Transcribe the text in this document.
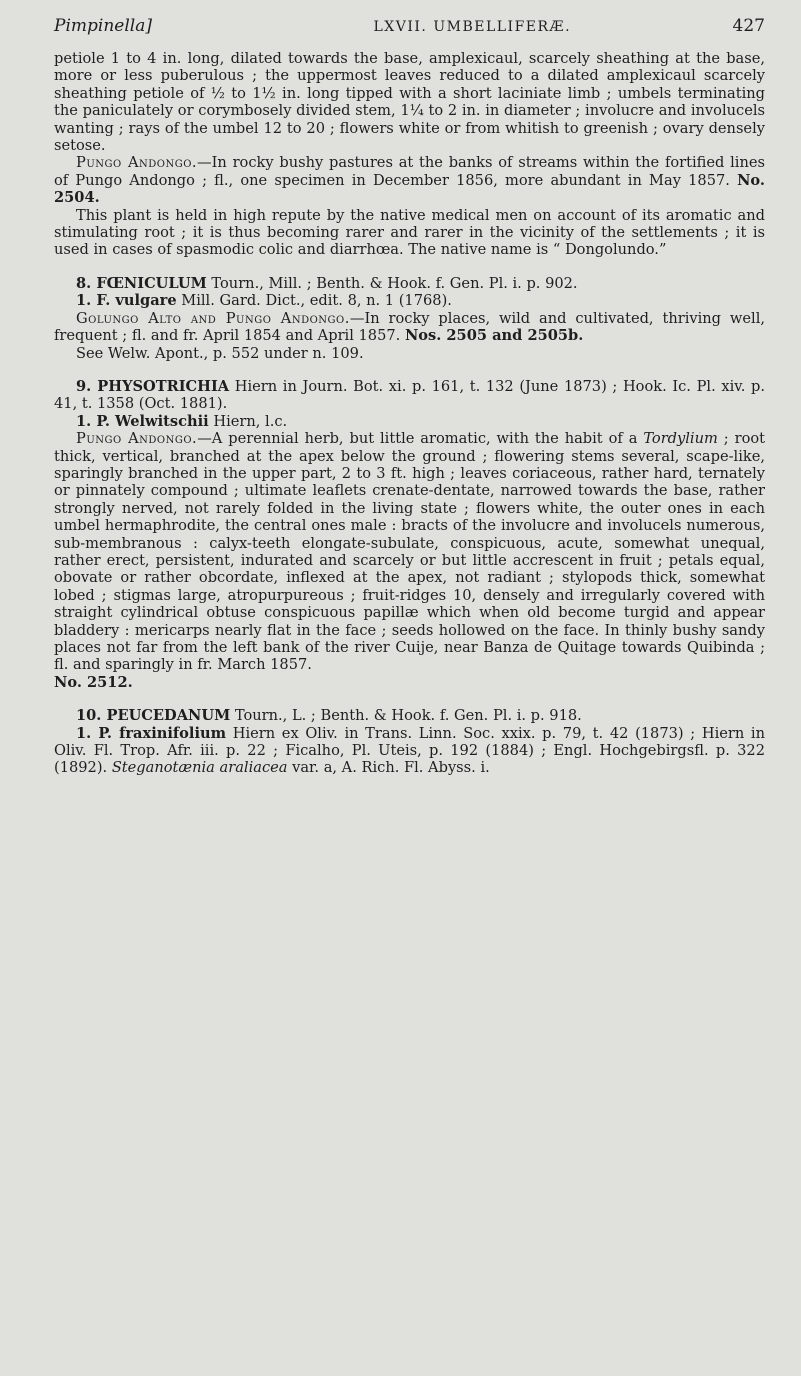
Pimpinella]	LXVII. UMBELLIFERÆ.	427

petiole 1 to 4 in. long, dilated towards the base, amplexicaul, scarcely sheathing at the base, more or less puberulous ; the uppermost leaves reduced to a dilated amplexicaul scarcely sheathing petiole of ½ to 1½ in. long tipped with a short laciniate limb ; umbels terminating the paniculately or corymbosely divided stem, 1¼ to 2 in. in diameter ; involucre and involucels wanting ; rays of the umbel 12 to 20 ; flowers white or from whitish to greenish ; ovary densely setose.

Pungo Andongo.—In rocky bushy pastures at the banks of streams within the fortified lines of Pungo Andongo ; fl., one specimen in December 1856, more abundant in May 1857. No. 2504.

This plant is held in high repute by the native medical men on account of its aromatic and stimulating root ; it is thus becoming rarer and rarer in the vicinity of the settlements ; it is used in cases of spasmodic colic and diarrhœa. The native name is “ Dongolundo.”

8. FŒNICULUM Tourn., Mill. ; Benth. & Hook. f. Gen. Pl. i. p. 902.

1. F. vulgare Mill. Gard. Dict., edit. 8, n. 1 (1768).

Golungo Alto and Pungo Andongo.—In rocky places, wild and cultivated, thriving well, frequent ; fl. and fr. April 1854 and April 1857. Nos. 2505 and 2505b.

See Welw. Apont., p. 552 under n. 109.

9. PHYSOTRICHIA Hiern in Journ. Bot. xi. p. 161, t. 132 (June 1873) ; Hook. Ic. Pl. xiv. p. 41, t. 1358 (Oct. 1881).

1. P. Welwitschii Hiern, l.c.

Pungo Andongo.—A perennial herb, but little aromatic, with the habit of a Tordylium ; root thick, vertical, branched at the apex below the ground ; flowering stems several, scape-like, sparingly branched in the upper part, 2 to 3 ft. high ; leaves coriaceous, rather hard, ternately or pinnately compound ; ultimate leaflets crenate-dentate, narrowed towards the base, rather strongly nerved, not rarely folded in the living state ; flowers white, the outer ones in each umbel hermaphrodite, the central ones male : bracts of the involucre and involucels numerous, sub-membranous : calyx-teeth elongate-subulate, conspicuous, acute, somewhat unequal, rather erect, persistent, indurated and scarcely or but little accrescent in fruit ; petals equal, obovate or rather obcordate, inflexed at the apex, not radiant ; stylopods thick, somewhat lobed ; stigmas large, atropurpureous ; fruit-ridges 10, densely and irregularly covered with straight cylindrical obtuse conspicuous papillæ which when old become turgid and appear bladdery : mericarps nearly flat in the face ; seeds hollowed on the face. In thinly bushy sandy places not far from the left bank of the river Cuije, near Banza de Quitage towards Quibinda ; fl. and sparingly in fr. March 1857.
No. 2512.

10. PEUCEDANUM Tourn., L. ; Benth. & Hook. f. Gen. Pl. i. p. 918.

1. P. fraxinifolium Hiern ex Oliv. in Trans. Linn. Soc. xxix. p. 79, t. 42 (1873) ; Hiern in Oliv. Fl. Trop. Afr. iii. p. 22 ; Ficalho, Pl. Uteis, p. 192 (1884) ; Engl. Hochgebirgsfl. p. 322 (1892). Steganotænia araliacea var. a, A. Rich. Fl. Abyss. i.
